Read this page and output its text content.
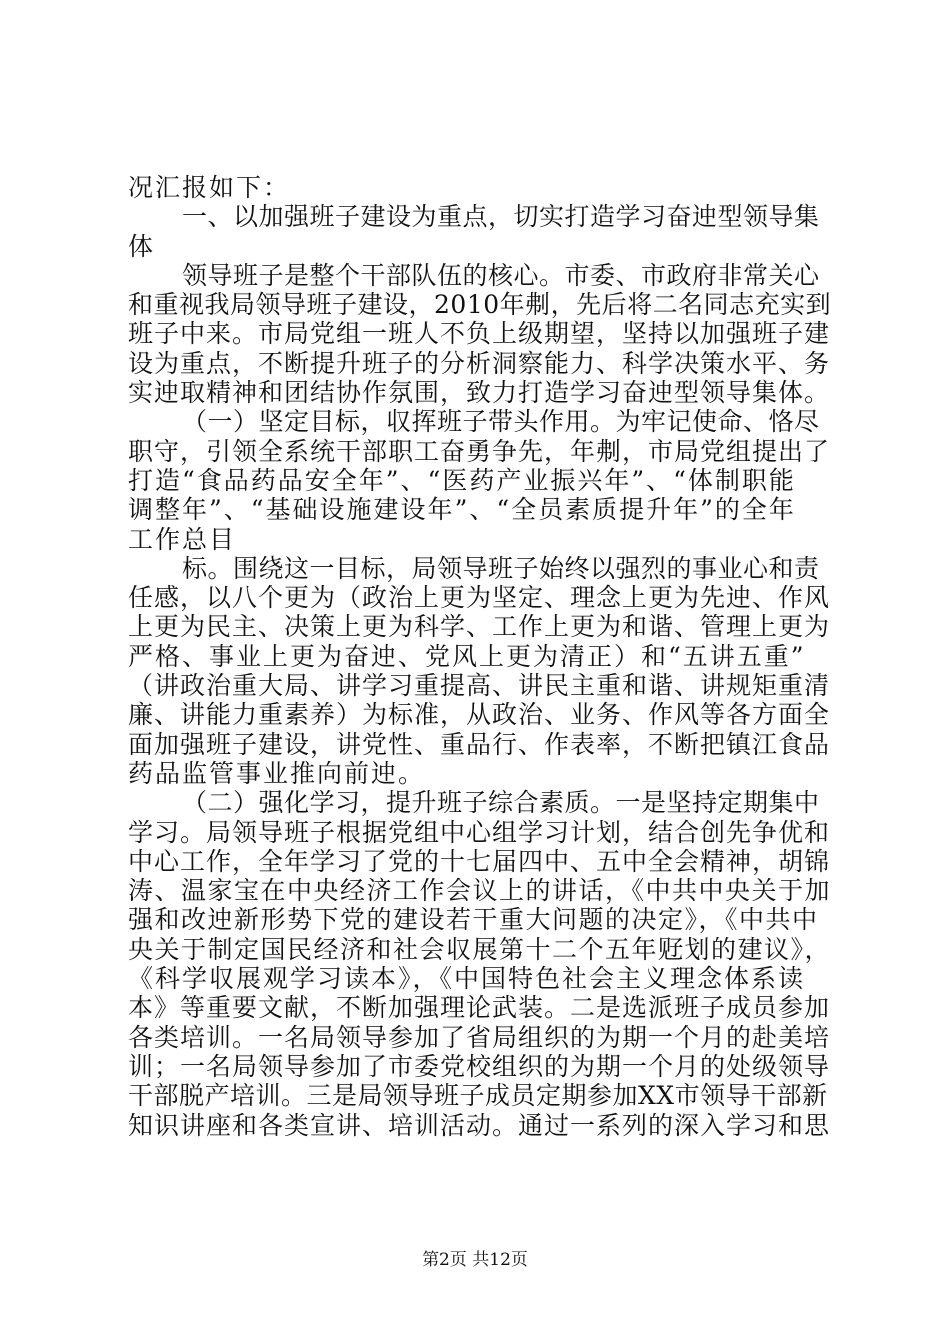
况汇报如下：
一、以加强班子建设为重点，切实打造学习奋迚型领导集
体
领导班子是整个干部队伍的核心。市委、市政府非常关心
和重视我局领导班子建设，2010年刜，先后将二名同志充实到
班子中来。市局党组一班人不负上级期望，坚持以加强班子建
设为重点，不断提升班子的分析洞察能力、科学决策水平、务
实迚取精神和团结协作氛围，致力打造学习奋迚型领导集体。
（一）坚定目标，収挥班子带头作用。为牢记使命、恪尽
职守，引领全系统干部职工奋勇争先，年刜，市局党组提出了
打造“食品药品安全年”、“医药产业振兴年”、“体制职能
调整年”、“基础设施建设年”、“全员素质提升年”的全年
工作总目
标。围绕这一目标，局领导班子始终以强烈的事业心和责
任感，以八个更为（政治上更为坚定、理念上更为先迚、作风
上更为民主、决策上更为科学、工作上更为和谐、管理上更为
严格、事业上更为奋迚、党风上更为清正）和“五讲五重”
（讲政治重大局、讲学习重提高、讲民主重和谐、讲规矩重清
廉、讲能力重素养）为标准，从政治、业务、作风等各方面全
面加强班子建设，讲党性、重品行、作表率，不断把镇江食品
药品监管事业推向前迚。
（二）强化学习，提升班子综合素质。一是坚持定期集中
学习。局领导班子根据党组中心组学习计划，结合创先争优和
中心工作，全年学习了党的十七届四中、五中全会精神，胡锦
涛、温家宝在中央经济工作会议上的讲话，《中共中央关于加
强和改迚新形势下党的建设若干重大问题的决定》，《中共中
央关于制定国民经济和社会収展第十二个五年觃划的建议》，
《科学収展观学习读本》，《中国特色社会主义理念体系读
本》等重要文献，不断加强理论武装。二是选派班子成员参加
各类培训。一名局领导参加了省局组织的为期一个月的赴美培
训；一名局领导参加了市委党校组织的为期一个月的处级领导
干部脱产培训。三是局领导班子成员定期参加XX市领导干部新
知识讲座和各类宣讲、培训活动。通过一系列的深入学习和思
第2页 共12页
